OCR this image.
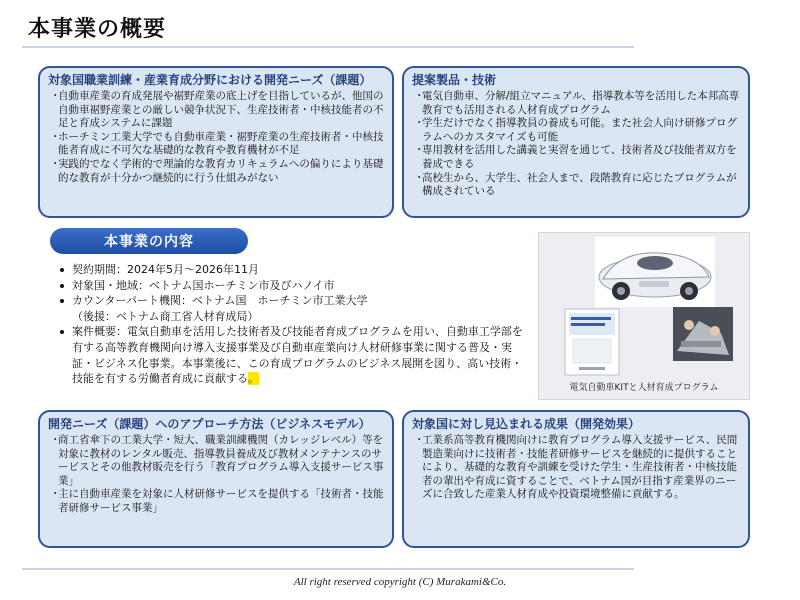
本事業の概要
対象国職業訓練・産業育成分野における開発ニーズ（課題）
・ 自動車産業の育成発展や裾野産業の底上げを目指しているが、他国の自動車裾野産業との厳しい競争状況下、生産技術者・中核技能者の不足と育成システムに課題
・ ホーチミン工業大学でも自動車産業・裾野産業の生産技術者・中核技能者育成に不可欠な基礎的な教育や教育機材が不足
・ 実践的でなく学術的で理論的な教育カリキュラムへの偏りにより基礎的な教育が十分かつ継続的に行う仕組みがない
提案製品・技術
・ 電気自動車、分解/組立マニュアル、指導教本等を活用した本邦高専教育でも活用される人材育成プログラム
・ 学生だけでなく指導教員の養成も可能。また社会人向け研修プログラムへのカスタマイズも可能
・ 専用教材を活用した講義と実習を通じて、技術者及び技能者双方を養成できる
・ 高校生から、大学生、社会人まで、段階教育に応じたプログラムが構成されている
本事業の内容
契約期間：2024年5月～2026年11月
対象国・地域：ベトナム国ホーチミン市及びハノイ市
カウンターパート機関：ベトナム国　ホーチミン市工業大学
（後援：ベトナム商工省人材育成局）
案件概要：電気自動車を活用した技術者及び技能者育成プログラムを用い、自動車工学部を有する高等教育機関向け導入支援事業及び自動車産業向け人材研修事業に関する普及・実証・ビジネス化事業。本事業後に、この育成プログラムのビジネス展開を図り、高い技術・技能を有する労働者育成に貢献する。
電気自動車KITと人材育成プログラム
開発ニーズ（課題）へのアプローチ方法（ビジネスモデル）
・ 商工省傘下の工業大学・短大、職業訓練機関（カレッジレベル）等を対象に教材のレンタル販売、指導教員養成及び教材メンテナンスのサービスとその他教材販売を行う「教育プログラム導入支援サービス事業」
・ 主に自動車産業を対象に人材研修サービスを提供する「技術者・技能者研修サービス事業」
対象国に対し見込まれる成果（開発効果）
・ 工業系高等教育機関向けに教育プログラム導入支援サービス、民間製造業向けに技術者・技能者研修サービスを継続的に提供することにより、基礎的な教育や訓練を受けた学生・生産技術者・中核技能者の輩出や育成に資することで、ベトナム国が目指す産業界のニーズに合致した産業人材育成や投資環境整備に貢献する。
All right reserved copyright (C) Murakami&Co.
